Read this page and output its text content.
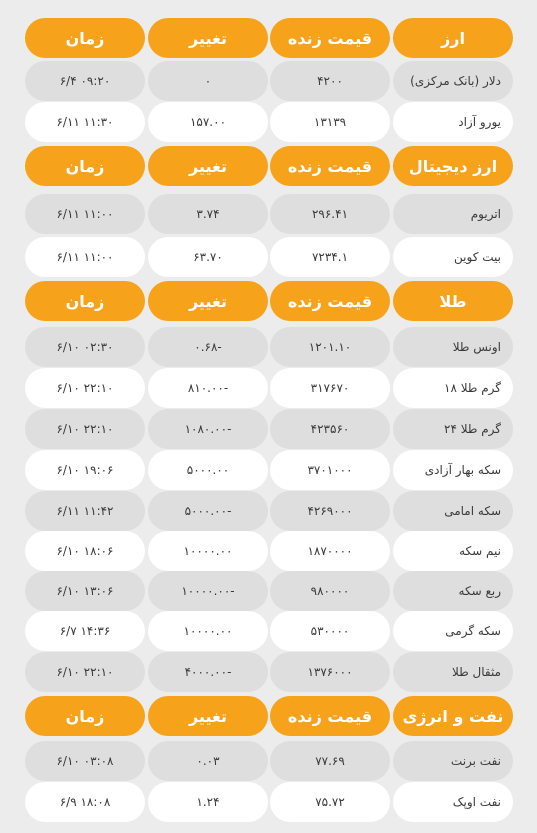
ارز
قیمت زنده
تغییر
زمان
دلار (بانک مرکزی)
۴۲۰۰
۰
۶/۴ ۰۹:۲۰
یورو آزاد
۱۳۱۳۹
۱۵۷.۰۰
۶/۱۱ ۱۱:۳۰
ارز دیجیتال
قیمت زنده
تغییر
زمان
اتریوم
۲۹۶.۴۱
۳.۷۴
۶/۱۱ ۱۱:۰۰
بیت کوین
۷۲۳۴.۱
۶۳.۷۰
۶/۱۱ ۱۱:۰۰
طلا
قیمت زنده
تغییر
زمان
اونس طلا
۱۲۰۱.۱۰
۰.۶۸-
۶/۱۰ ۰۲:۳۰
گرم طلا ۱۸
۳۱۷۶۷۰
۸۱۰.۰۰-
۶/۱۰ ۲۲:۱۰
گرم طلا ۲۴
۴۲۳۵۶۰
۱۰۸۰.۰۰-
۶/۱۰ ۲۲:۱۰
سکه بهار آزادی
۳۷۰۱۰۰۰
۵۰۰۰.۰۰
۶/۱۰ ۱۹:۰۶
سکه امامی
۴۲۶۹۰۰۰
۵۰۰۰.۰۰-
۶/۱۱ ۱۱:۴۲
نیم سکه
۱۸۷۰۰۰۰
۱۰۰۰۰.۰۰
۶/۱۰ ۱۸:۰۶
ربع سکه
۹۸۰۰۰۰
۱۰۰۰۰.۰۰-
۶/۱۰ ۱۳:۰۶
سکه گرمی
۵۳۰۰۰۰
۱۰۰۰۰.۰۰
۶/۷ ۱۴:۳۶
مثقال طلا
۱۳۷۶۰۰۰
۴۰۰۰.۰۰-
۶/۱۰ ۲۲:۱۰
نفت و انرژی
قیمت زنده
تغییر
زمان
نفت برنت
۷۷.۶۹
۰.۰۳
۶/۱۰ ۰۳:۰۸
نفت اوپک
۷۵.۷۲
۱.۲۴
۶/۹ ۱۸:۰۸
